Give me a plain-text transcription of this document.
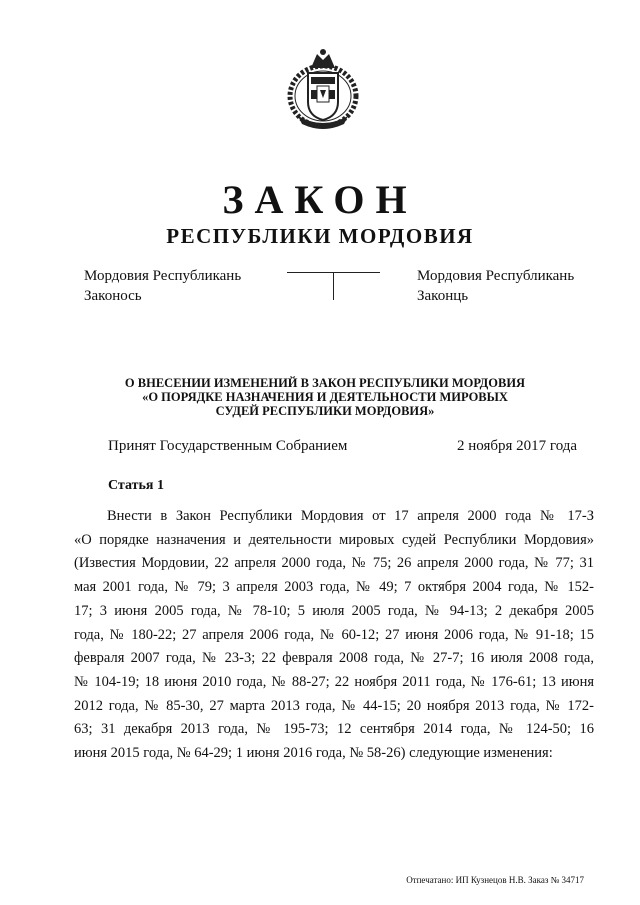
ЗАКОН
РЕСПУБЛИКИ МОРДОВИЯ
Мордовия Республикань
Законось
Мордовия Республикань
Законць
О ВНЕСЕНИИ ИЗМЕНЕНИЙ В ЗАКОН РЕСПУБЛИКИ МОРДОВИЯ
«О ПОРЯДКЕ НАЗНАЧЕНИЯ И ДЕЯТЕЛЬНОСТИ МИРОВЫХ
СУДЕЙ РЕСПУБЛИКИ МОРДОВИЯ»
Принят Государственным Собранием	2 ноября 2017 года
Статья 1
Внести в Закон Республики Мордовия от 17 апреля 2000 года № 17-З
«О порядке назначения и деятельности мировых судей Республики Мордовия»
(Известия Мордовии, 22 апреля 2000 года, № 75; 26 апреля 2000 года, № 77; 31
мая 2001 года, № 79; 3 апреля 2003 года, № 49; 7 октября 2004 года, № 152-
17; 3 июня 2005 года, № 78-10; 5 июля 2005 года, № 94-13; 2 декабря 2005
года, № 180-22; 27 апреля 2006 года, № 60-12; 27 июня 2006 года, № 91-18; 15
февраля 2007 года, № 23-3; 22 февраля 2008 года, № 27-7; 16 июля 2008 года,
№ 104-19; 18 июня 2010 года, № 88-27; 22 ноября 2011 года, № 176-61; 13 июня
2012 года, № 85-30, 27 марта 2013 года, № 44-15; 20 ноября 2013 года, № 172-
63; 31 декабря 2013 года, № 195-73; 12 сентября 2014 года, № 124-50; 16
июня 2015 года, № 64-29; 1 июня 2016 года, № 58-26) следующие изменения:
Отпечатано: ИП Кузнецов Н.В. Заказ № 34717
